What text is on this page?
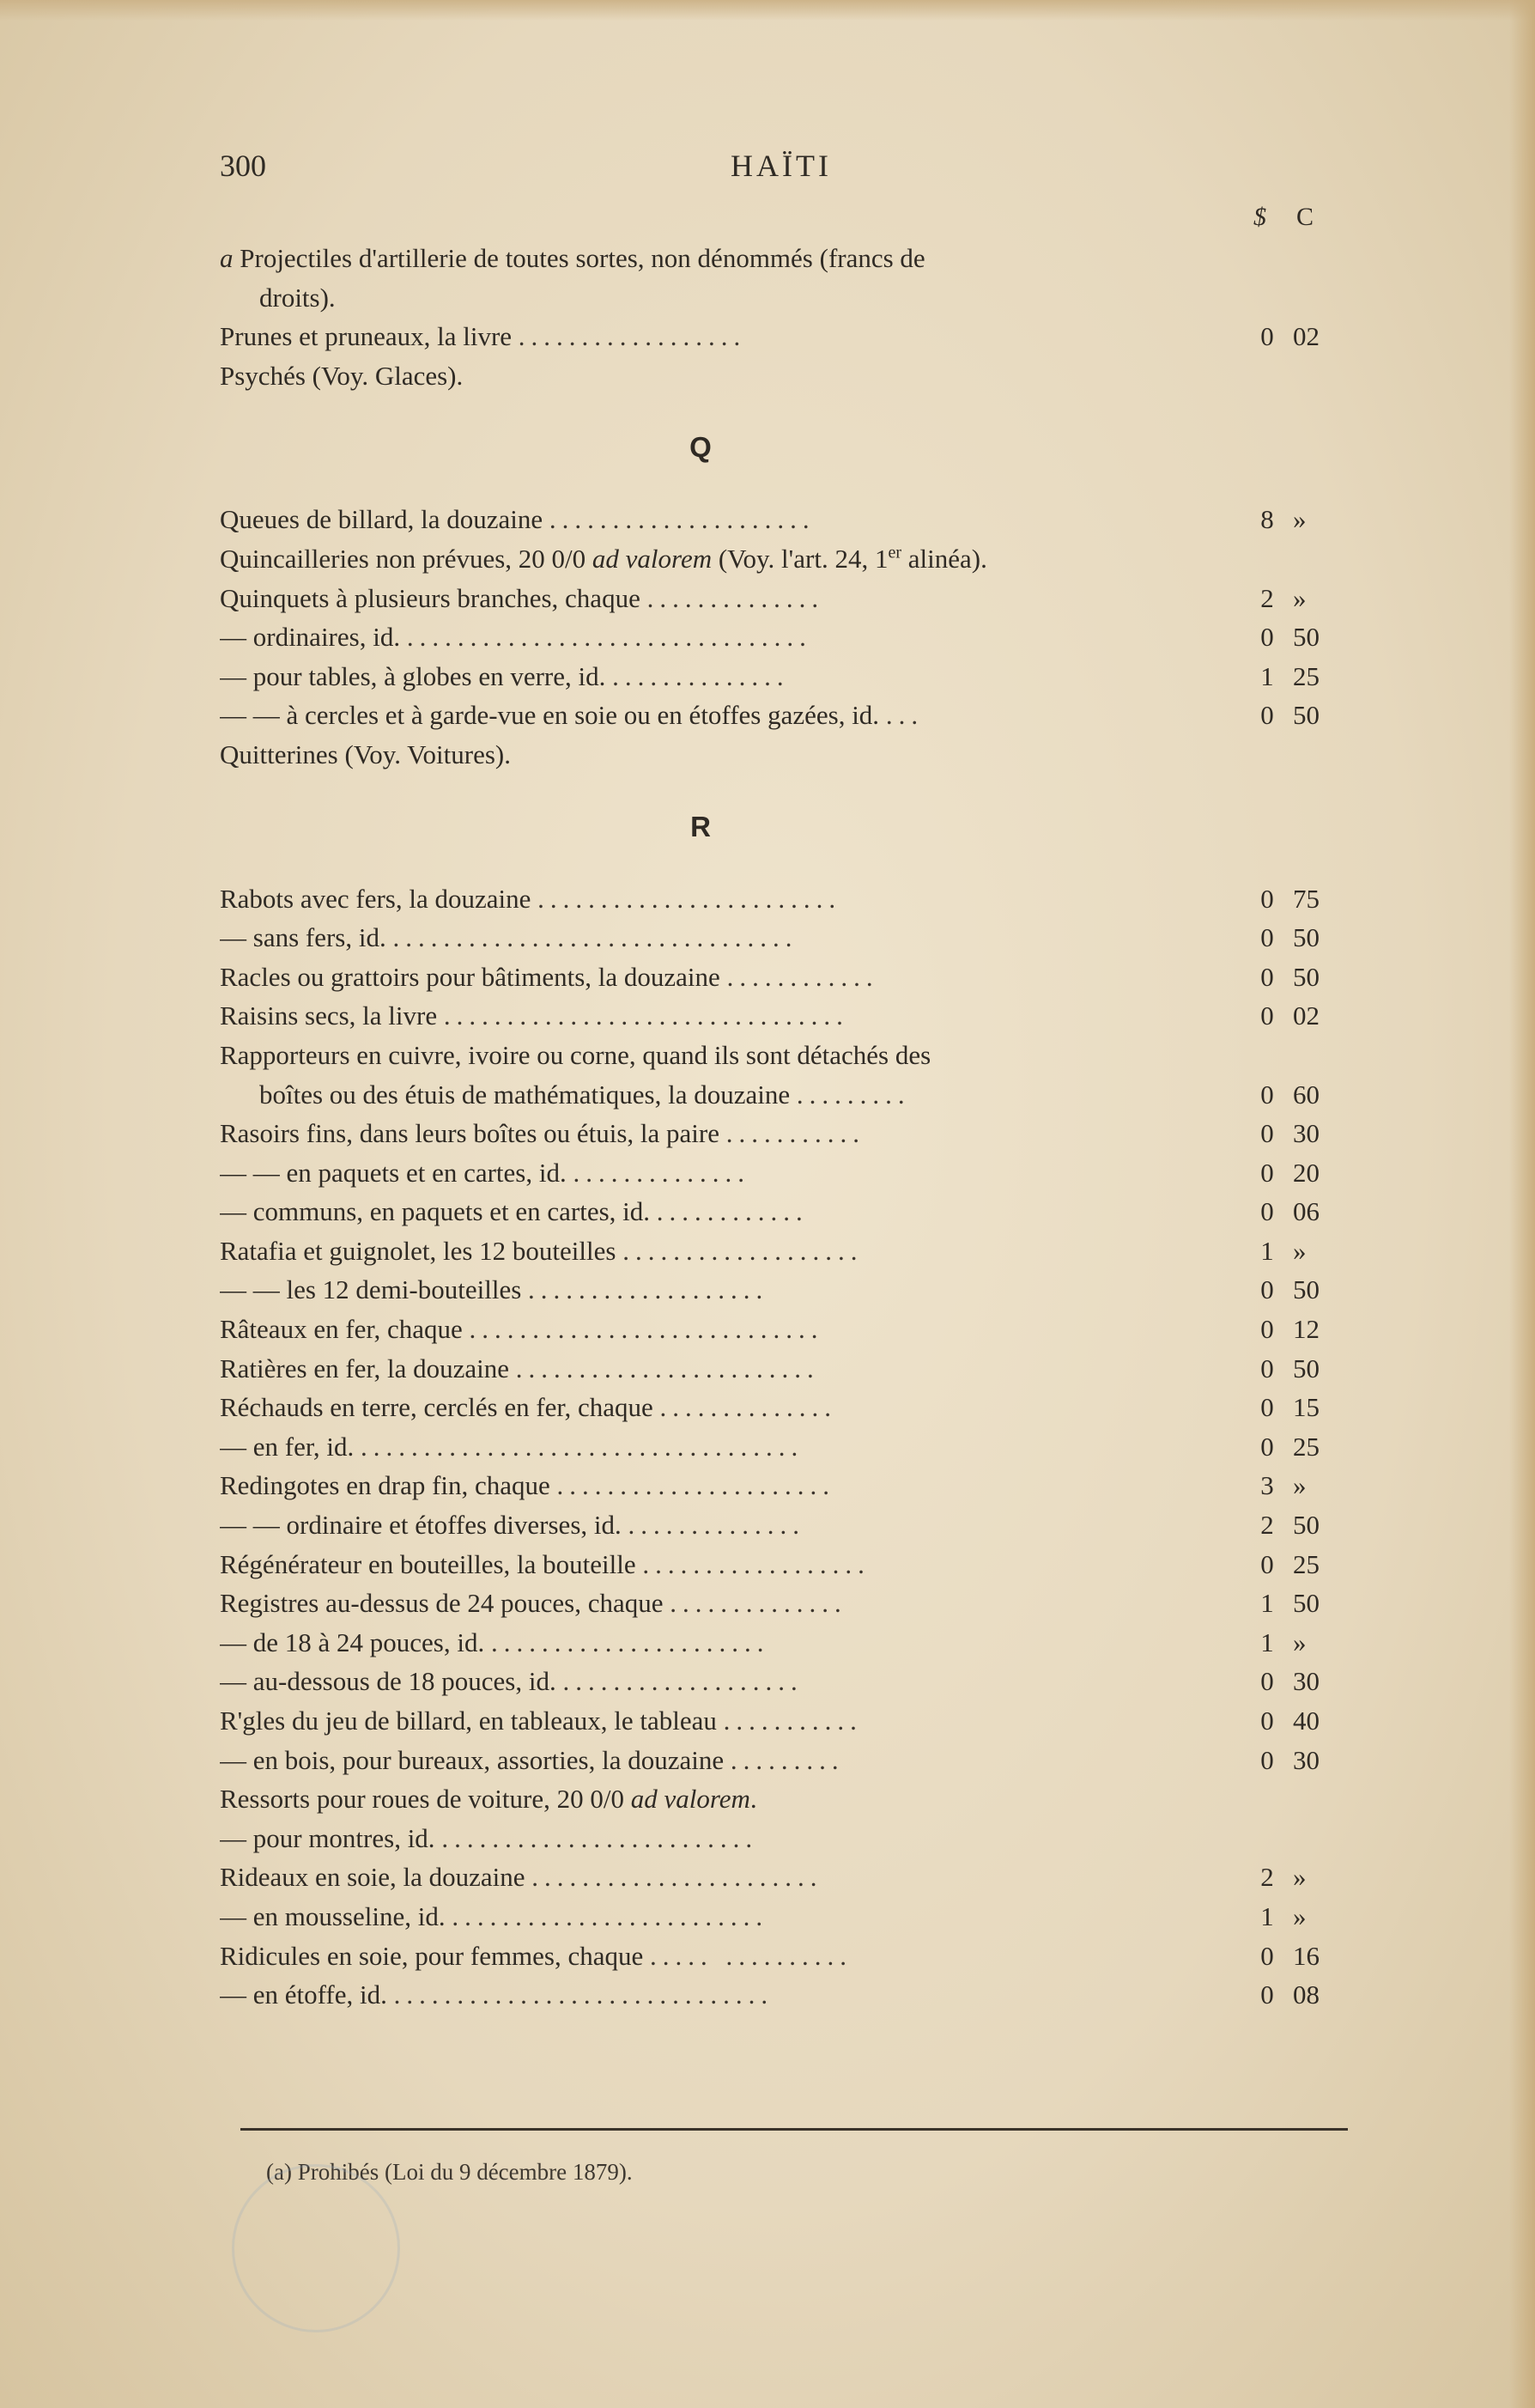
300	HAÏTI
$ C
a Projectiles d'artillerie de toutes sortes, non dénommés (francs de
droits).
Prunes et pruneaux, la livre ..................	0 02
Psychés (Voy. Glaces).
Q
Queues de billard, la douzaine .....................	8 »
Quincailleries non prévues, 20 0/0 ad valorem (Voy. l'art. 24, 1er alinéa).
Quinquets à plusieurs branches, chaque ..............	2 »
— ordinaires, id. ................................	0 50
— pour tables, à globes en verre, id. ..............	1 25
— — à cercles et à garde-vue en soie ou en étoffes gazées, id. ...	0 50
Quitterines (Voy. Voitures).
R
Rabots avec fers, la douzaine ........................	0 75
— sans fers, id. ................................	0 50
Racles ou grattoirs pour bâtiments, la douzaine ............	0 50
Raisins secs, la livre ................................	0 02
Rapporteurs en cuivre, ivoire ou corne, quand ils sont détachés des
boîtes ou des étuis de mathématiques, la douzaine .........	0 60
Rasoirs fins, dans leurs boîtes ou étuis, la paire ...........	0 30
— — en paquets et en cartes, id. ..............	0 20
— communs, en paquets et en cartes, id. ............	0 06
Ratafia et guignolet, les 12 bouteilles ...................	1 »
— — les 12 demi-bouteilles ...................	0 50
Râteaux en fer, chaque ............................	0 12
Ratières en fer, la douzaine ........................	0 50
Réchauds en terre, cerclés en fer, chaque ..............	0 15
— en fer, id. ...................................	0 25
Redingotes en drap fin, chaque ......................	3 »
— — ordinaire et étoffes diverses, id. ..............	2 50
Régénérateur en bouteilles, la bouteille ..................	0 25
Registres au-dessus de 24 pouces, chaque ..............	1 50
— de 18 à 24 pouces, id. ......................	1 »
— au-dessous de 18 pouces, id. ...................	0 30
R'gles du jeu de billard, en tableaux, le tableau ...........	0 40
— en bois, pour bureaux, assorties, la douzaine .........	0 30
Ressorts pour roues de voiture, 20 0/0 ad valorem.
— pour montres, id. .........................
Rideaux en soie, la douzaine .......................	2 »
— en mousseline, id. .........................	1 »
Ridicules en soie, pour femmes, chaque ..... ..........	0 16
— en étoffe, id. ..............................	0 08
(a) Prohibés (Loi du 9 décembre 1879).
